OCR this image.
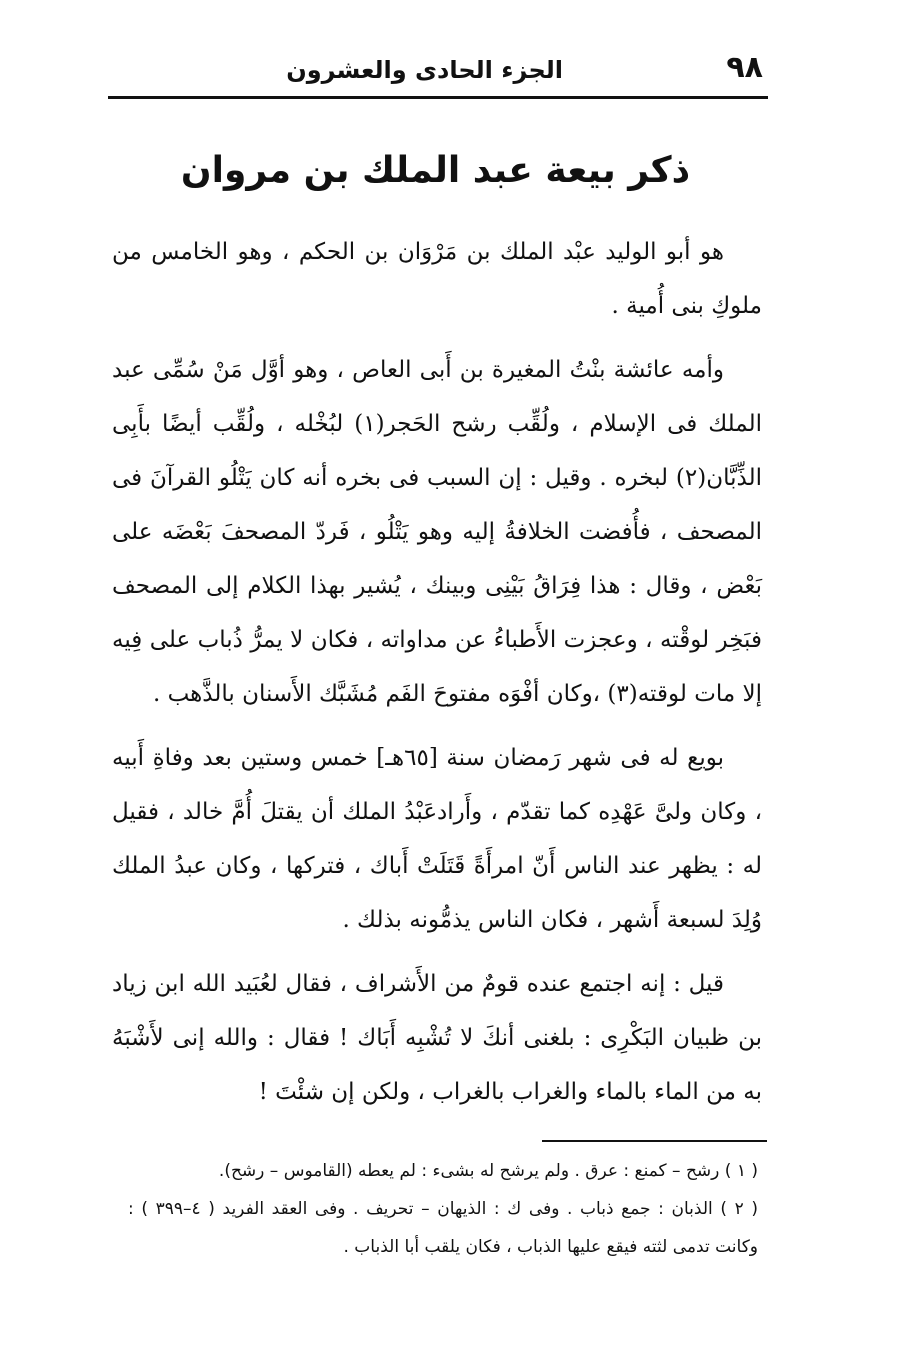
٩٨
الجزء الحادى والعشرون
ذكر بيعة عبد الملك بن مروان

هو أبو الوليد عبْد الملك بن مَرْوَان بن الحكم ، وهو الخامس من ملوكِ بنى أُمية .

وأمه عائشة بنْتُ المغيرة بن أَبى العاص ، وهو أوَّل مَنْ سُمِّى عبد الملك فى الإسلام ، ولُقِّب رشح الحَجر(١) لبُخْله ، ولُقِّب أيضًا بأَبِى الذِّبَّان(٢) لبخره . وقيل : إن السبب فى بخره أنه كان يَتْلُو القرآنَ فى المصحف ، فأُفضت الخلافةُ إليه وهو يَتْلُو ، فَردّ المصحفَ بَعْضَه على بَعْض ، وقال : هذا فِرَاقُ بَيْنِى وبينك ، يُشير بهذا الكلام إلى المصحف فبَخِر لوقْته ، وعجزت الأَطباءُ عن مداواته ، فكان لا يمرُّ ذُباب على فِيه إلا مات لوقته(٣) ،وكان أفْوَه مفتوحَ الفَم مُشَبَّك الأَسنان بالذَّهب .

بويع له فى شهر رَمضان سنة [٦٥هـ] خمس وستين بعد وفاةِ أَبيه ، وكان ولىَّ عَهْدِه كما تقدّم ، وأَرادعَبْدُ الملك أن يقتلَ أُمَّ خالد ، فقيل له : يظهر عند الناس أَنّ امرأَةً قَتَلَتْ أَباك ، فتركها ، وكان عبدُ الملك وُلِدَ لسبعة أَشهر ، فكان الناس يذمُّونه بذلك .

قيل : إنه اجتمع عنده قومٌ من الأَشراف ، فقال لعُبَيد الله ابن زياد بن ظبيان البَكْرِى : بلغنى أنكَ لا تُشْبِه أَبَاك ! فقال : والله إنى لأَشْبَهُ به من الماء بالماء والغراب بالغراب ، ولكن إن شئْتَ !

( ١ ) رشح – كمنع : عرق . ولم يرشح له بشىء : لم يعطه (القاموس – رشح).

( ٢ ) الذبان : جمع ذباب . وفى ك : الذيهان – تحريف . وفى العقد الفريد ( ٤–٣٩٩ ) : وكانت تدمى لثته فيقع عليها الذباب ، فكان يلقب أبا الذباب .
